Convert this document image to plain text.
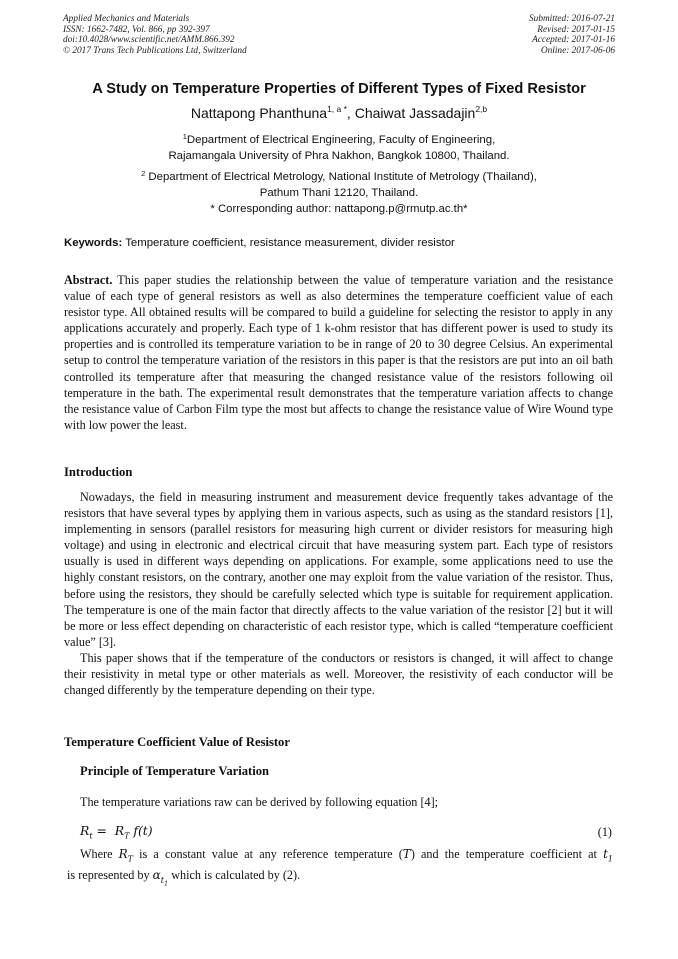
Applied Mechanics and Materials
ISSN: 1662-7482, Vol. 866, pp 392-397
doi:10.4028/www.scientific.net/AMM.866.392
© 2017 Trans Tech Publications Ltd, Switzerland
Submitted: 2016-07-21
Revised: 2017-01-15
Accepted: 2017-01-16
Online: 2017-06-06
A Study on Temperature Properties of Different Types of Fixed Resistor
Nattapong Phanthuna$^{1, a *}$, Chaiwat Jassadajin$^{2,b}$
$^1$Department of Electrical Engineering, Faculty of Engineering,
Rajamangala University of Phra Nakhon, Bangkok 10800, Thailand.
$^2$ Department of Electrical Metrology, National Institute of Metrology (Thailand),
Pathum Thani 12120, Thailand.
* Corresponding author: nattapong.p@rmutp.ac.th*
Keywords: Temperature coefficient, resistance measurement, divider resistor
Abstract. This paper studies the relationship between the value of temperature variation and the resistance value of each type of general resistors as well as also determines the temperature coefficient value of each resistor type. All obtained results will be compared to build a guideline for selecting the resistor to apply in any applications accurately and properly. Each type of 1 k-ohm resistor that has different power is used to study its properties and is controlled its temperature variation to be in range of 20 to 30 degree Celsius. An experimental setup to control the temperature variation of the resistors in this paper is that the resistors are put into an oil bath controlled its temperature after that measuring the changed resistance value of the resistors following oil temperature in the bath. The experimental result demonstrates that the temperature variation affects to change the resistance value of Carbon Film type the most but affects to change the resistance value of Wire Wound type with low power the least.
Introduction

Nowadays, the field in measuring instrument and measurement device frequently takes advantage of the resistors that have several types by applying them in various aspects, such as using as the standard resistors [1], implementing in sensors (parallel resistors for measuring high current or divider resistors for measuring high voltage) and using in electronic and electrical circuit that have measuring system part. Each type of resistors usually is used in different ways depending on applications. For example, some applications need to use the highly constant resistors, on the contrary, another one may exploit from the value variation of the resistor. Thus, before using the resistors, they should be carefully selected which type is suitable for requirement application. The temperature is one of the main factor that directly affects to the value variation of the resistor [2] but it will be more or less effect depending on characteristic of each resistor type, which is called “temperature coefficient value” [3].

This paper shows that if the temperature of the conductors or resistors is changed, it will affect to change their resistivity in metal type or other materials as well. Moreover, the resistivity of each conductor will be changed differently by the temperature depending on their type.

Temperature Coefficient Value of Resistor
Principle of Temperature Variation
The temperature variations raw can be derived by following equation [4];
$R_t = R_T$ f(t)	(1)

Where $R_T$ is a constant value at any reference temperature (T) and the temperature coefficient at $t_1$ is represented by $\alpha_{t_1}$ which is calculated by (2).
